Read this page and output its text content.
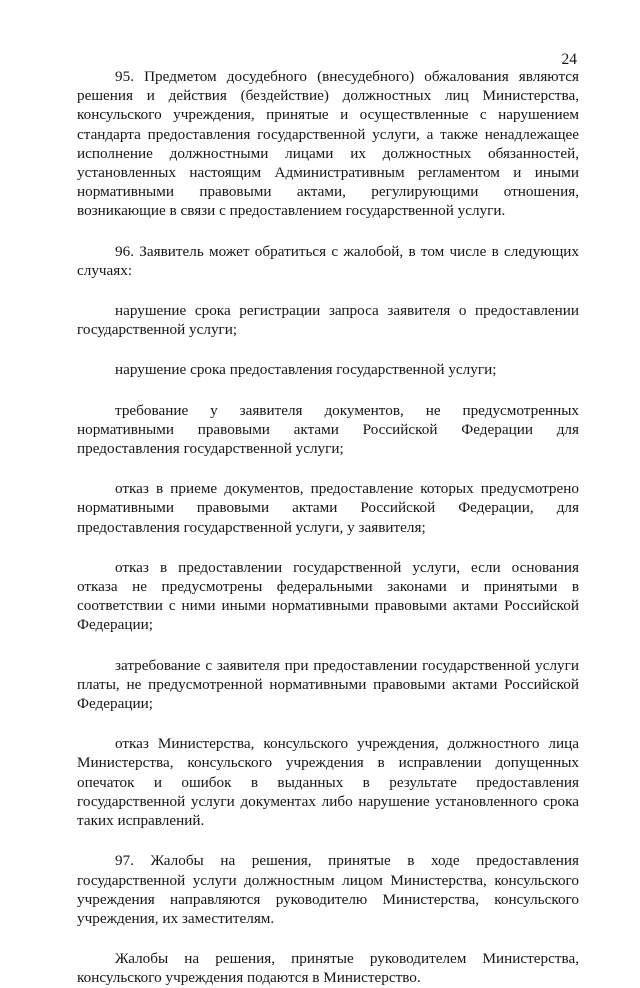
24

95. Предметом досудебного (внесудебного) обжалования являются решения и действия (бездействие) должностных лиц Министерства, консульского учреждения, принятые и осуществленные с нарушением стандарта предоставления государственной услуги, а также ненадлежащее исполнение должностными лицами их должностных обязанностей, установленных настоящим Административным регламентом и иными нормативными правовыми актами, регулирующими отношения, возникающие в связи с предоставлением государственной услуги.

96. Заявитель может обратиться с жалобой, в том числе в следующих случаях:

нарушение срока регистрации запроса заявителя о предоставлении государственной услуги;

нарушение срока предоставления государственной услуги;

требование у заявителя документов, не предусмотренных нормативными правовыми актами Российской Федерации для предоставления государственной услуги;

отказ в приеме документов, предоставление которых предусмотрено нормативными правовыми актами Российской Федерации, для предоставления государственной услуги, у заявителя;

отказ в предоставлении государственной услуги, если основания отказа не предусмотрены федеральными законами и принятыми в соответствии с ними иными нормативными правовыми актами Российской Федерации;

затребование с заявителя при предоставлении государственной услуги платы, не предусмотренной нормативными правовыми актами Российской Федерации;

отказ Министерства, консульского учреждения, должностного лица Министерства, консульского учреждения в исправлении допущенных опечаток и ошибок в выданных в результате предоставления государственной услуги документах либо нарушение установленного срока таких исправлений.

97. Жалобы на решения, принятые в ходе предоставления государственной услуги должностным лицом Министерства, консульского учреждения направляются руководителю Министерства, консульского учреждения, их заместителям.

Жалобы на решения, принятые руководителем Министерства, консульского учреждения подаются в Министерство.
